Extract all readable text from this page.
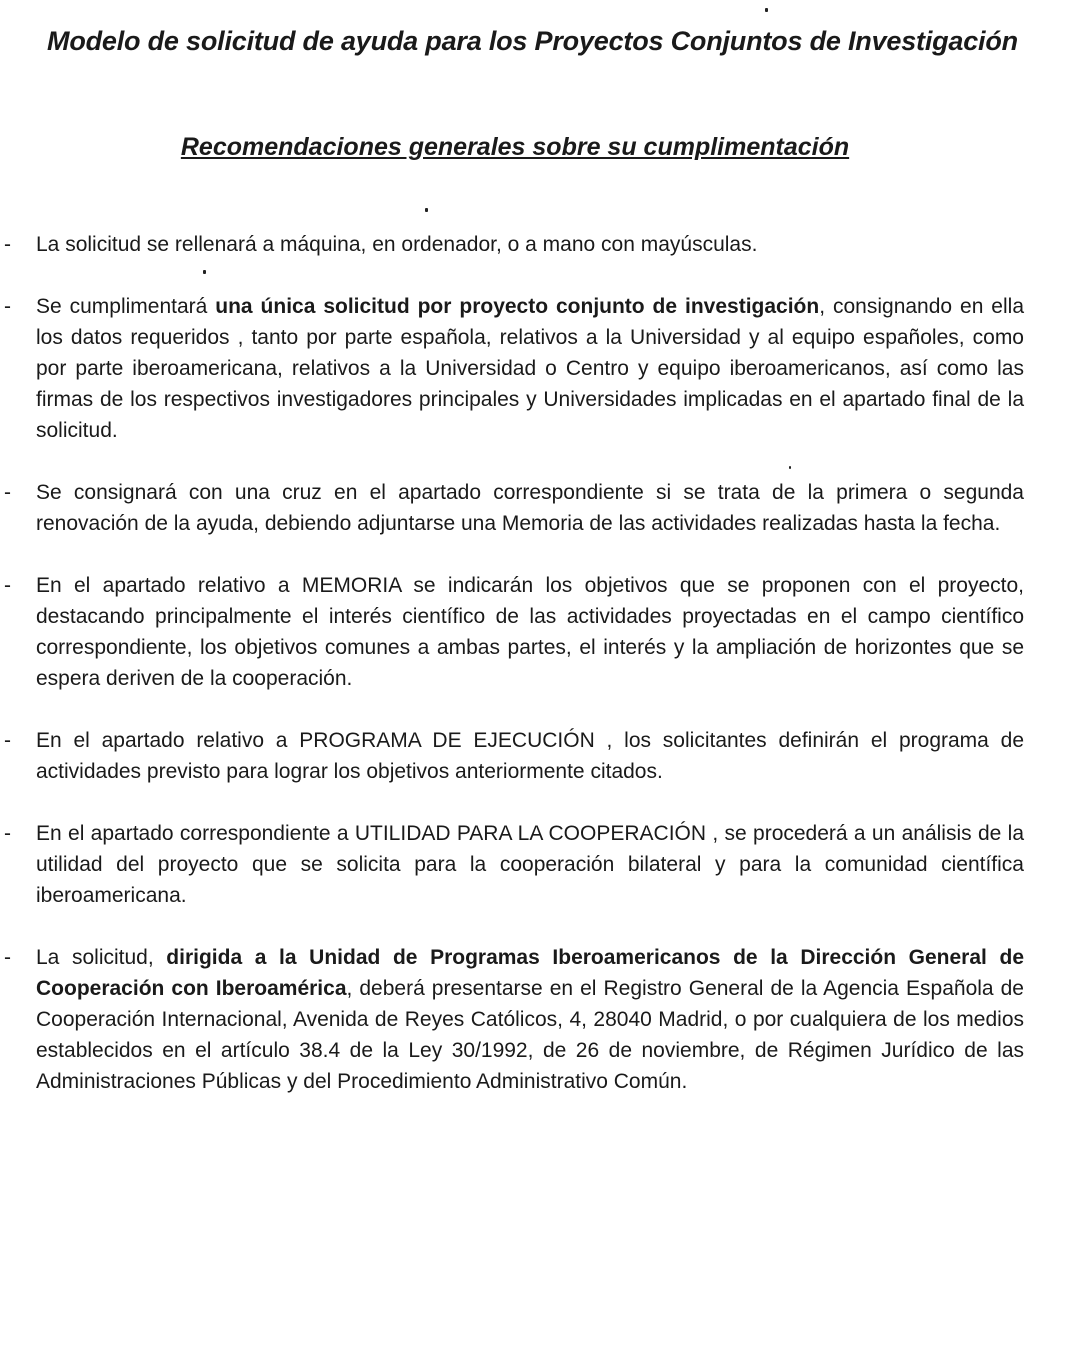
Modelo de solicitud de ayuda para los Proyectos Conjuntos de Investigación
Recomendaciones generales sobre su cumplimentación
- La solicitud se rellenará a máquina, en ordenador, o a mano con mayúsculas.
- Se cumplimentará una única solicitud por proyecto conjunto de investigación, consignando en ella los datos requeridos , tanto por parte española, relativos a la Universidad y al equipo españoles, como por parte iberoamericana, relativos a la Universidad o Centro y equipo iberoamericanos, así como las firmas de los respectivos investigadores principales y Universidades implicadas en el apartado final de la solicitud.
- Se consignará con una cruz en el apartado correspondiente si se trata de la primera o segunda renovación de la ayuda, debiendo adjuntarse una Memoria de las actividades realizadas hasta la fecha.
- En el apartado relativo a MEMORIA se indicarán los objetivos que se proponen con el proyecto, destacando principalmente el interés científico de las actividades proyectadas en el campo científico correspondiente, los objetivos comunes a ambas partes, el interés y la ampliación de horizontes que se espera deriven de la cooperación.
- En el apartado relativo a PROGRAMA DE EJECUCIÓN , los solicitantes definirán el programa de actividades previsto para lograr los objetivos anteriormente citados.
- En el apartado correspondiente a UTILIDAD PARA LA COOPERACIÓN , se procederá a un análisis de la utilidad del proyecto que se solicita para la cooperación bilateral y para la comunidad científica iberoamericana.
- La solicitud, dirigida a la Unidad de Programas Iberoamericanos de la Dirección General de Cooperación con Iberoamérica, deberá presentarse en el Registro General de la Agencia Española de Cooperación Internacional, Avenida de Reyes Católicos, 4, 28040 Madrid, o por cualquiera de los medios establecidos en el artículo 38.4 de la Ley 30/1992, de 26 de noviembre, de Régimen Jurídico de las Administraciones Públicas y del Procedimiento Administrativo Común.
